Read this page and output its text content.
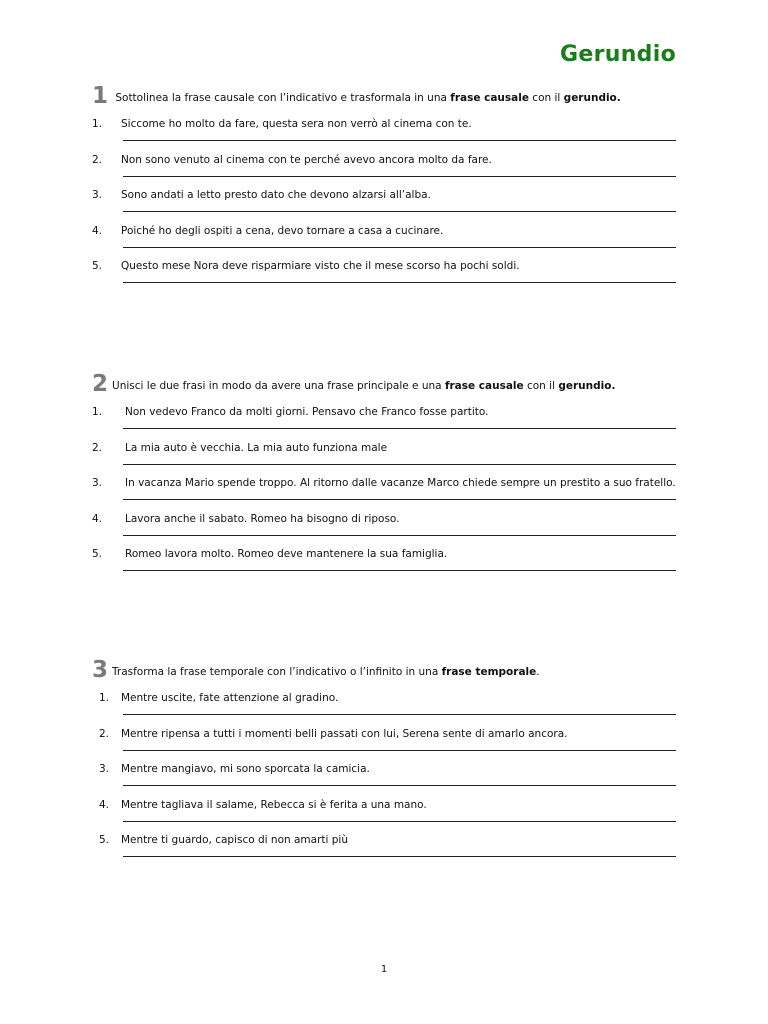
Gerundio
1 Sottolinea la frase causale con l’indicativo e trasformala in una frase causale con il gerundio.
1.	Siccome ho molto da fare, questa sera non verrò al cinema con te.
2.	Non sono venuto al cinema con te perché avevo ancora molto da fare.
3.	Sono andati a letto presto dato che devono alzarsi all’alba.
4.	Poiché ho degli ospiti a cena, devo tornare a casa a cucinare.
5.	Questo mese Nora deve risparmiare visto che il mese scorso ha pochi soldi.
2 Unisci le due frasi in modo da avere una frase principale e una frase causale con il gerundio.
1.	Non vedevo Franco da molti giorni. Pensavo che Franco fosse partito.
2.	La mia auto è vecchia. La mia auto funziona male
3.	In vacanza Mario spende troppo. Al ritorno dalle vacanze Marco chiede sempre un prestito a suo fratello.
4.	Lavora anche il sabato. Romeo ha bisogno di riposo.
5.	Romeo lavora molto. Romeo deve mantenere la sua famiglia.
3 Trasforma la frase temporale con l’indicativo o l’infinito in una frase temporale.
1.	Mentre uscite, fate attenzione al gradino.
2.	Mentre ripensa a tutti i momenti belli passati con lui, Serena sente di amarlo ancora.
3.	Mentre mangiavo, mi sono sporcata la camicia.
4.	Mentre tagliava il salame, Rebecca si è ferita a una mano.
5.	Mentre ti guardo, capisco di non amarti più
1
